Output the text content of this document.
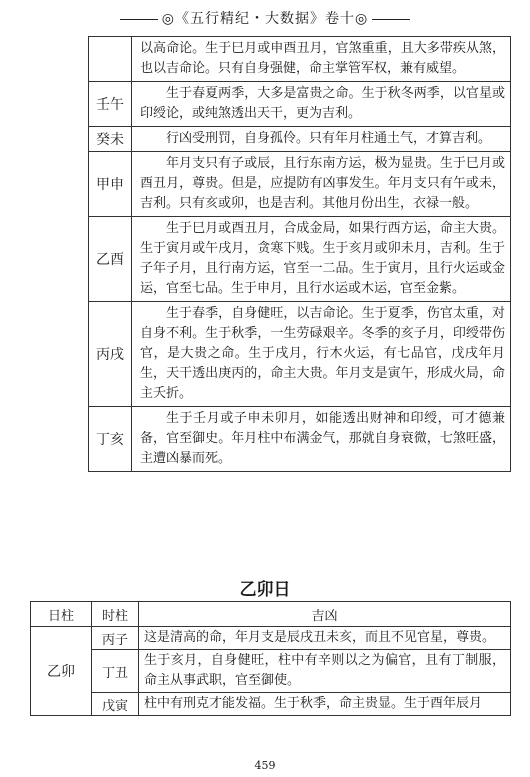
◎《五行精纪・大数据》卷十◎
	以高命论。生于巳月或申酉丑月，官煞重重，且大多带疾从煞，也以吉命论。只有自身强健，命主掌管军权，兼有威望。
壬午	生于春夏两季，大多是富贵之命。生于秋冬两季，以官星或印绶论，或纯煞透出天干，更为吉利。
癸未	行凶受刑罚，自身孤伶。只有年月柱通土气，才算吉利。
甲申	年月支只有子或辰，且行东南方运，极为显贵。生于巳月或酉丑月，尊贵。但是，应提防有凶事发生。年月支只有午或未，吉利。只有亥或卯，也是吉利。其他月份出生，衣禄一般。
乙酉	生于巳月或酉丑月，合成金局，如果行西方运，命主大贵。生于寅月或午戌月，贪寒下贱。生于亥月或卯未月，吉利。生于子年子月，且行南方运，官至一二品。生于寅月，且行火运或金运，官至七品。生于申月，且行水运或木运，官至金紫。
丙戌	生于春季，自身健旺，以吉命论。生于夏季，伤官太重，对自身不利。生于秋季，一生劳碌艰辛。冬季的亥子月，印绶带伤官，是大贵之命。生于戌月，行木火运，有七品官，戊戌年月生，天干透出庚丙的，命主大贵。年月支是寅午，形成火局，命主夭折。
丁亥	生于壬月或子申未卯月，如能透出财神和印绶，可才德兼备，官至御史。年月柱中布满金气，那就自身衰微，七煞旺盛，主遭凶暴而死。
乙卯日
日柱	时柱	吉凶
乙卯	丙子	这是清高的命，年月支是辰戌丑未亥，而且不见官星，尊贵。
	丁丑	生于亥月，自身健旺，柱中有辛则以之为偏官，且有丁制服，命主从事武职，官至御使。
	戊寅	柱中有刑克才能发福。生于秋季，命主贵显。生于酉年辰月
459
